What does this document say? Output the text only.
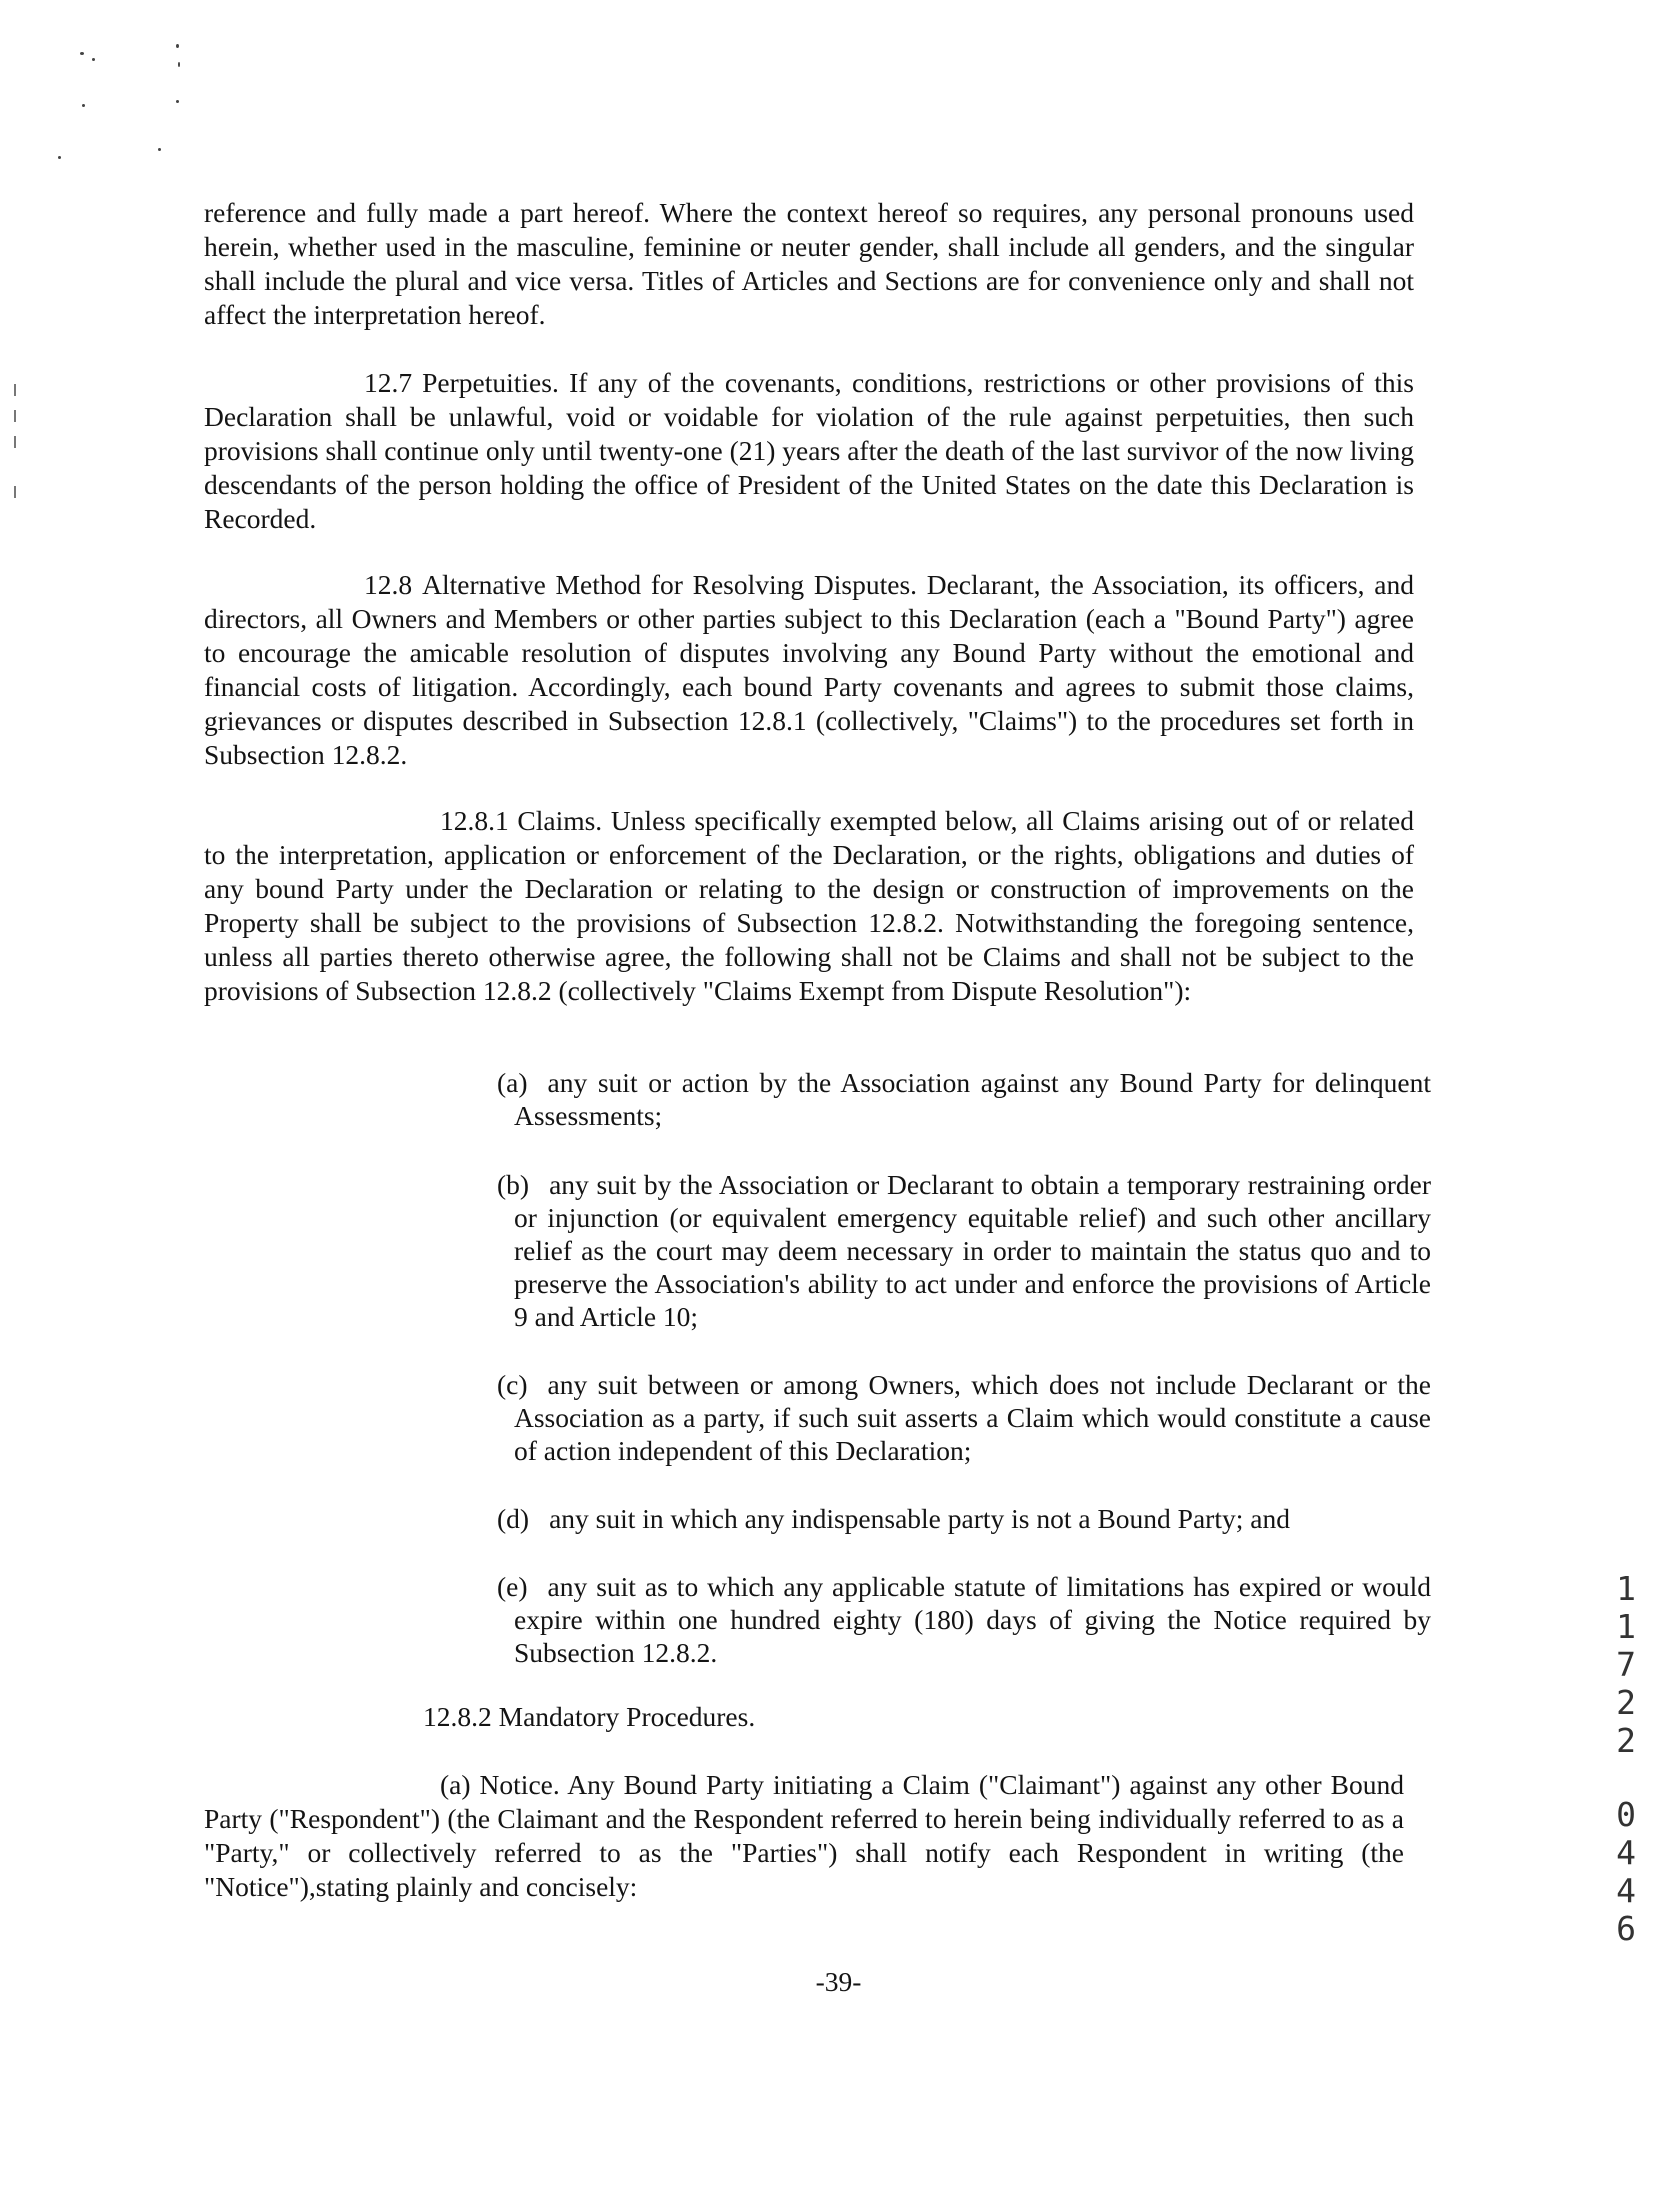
reference and fully made a part hereof. Where the context hereof so requires, any personal pronouns used herein, whether used in the masculine, feminine or neuter gender, shall include all genders, and the singular shall include the plural and vice versa. Titles of Articles and Sections are for convenience only and shall not affect the interpretation hereof.

12.7 Perpetuities. If any of the covenants, conditions, restrictions or other provisions of this Declaration shall be unlawful, void or voidable for violation of the rule against perpetuities, then such provisions shall continue only until twenty-one (21) years after the death of the last survivor of the now living descendants of the person holding the office of President of the United States on the date this Declaration is Recorded.

12.8 Alternative Method for Resolving Disputes. Declarant, the Association, its officers, and directors, all Owners and Members or other parties subject to this Declaration (each a "Bound Party") agree to encourage the amicable resolution of disputes involving any Bound Party without the emotional and financial costs of litigation. Accordingly, each bound Party covenants and agrees to submit those claims, grievances or disputes described in Subsection 12.8.1 (collectively, "Claims") to the procedures set forth in Subsection 12.8.2.

12.8.1 Claims. Unless specifically exempted below, all Claims arising out of or related to the interpretation, application or enforcement of the Declaration, or the rights, obligations and duties of any bound Party under the Declaration or relating to the design or construction of improvements on the Property shall be subject to the provisions of Subsection 12.8.2. Notwithstanding the foregoing sentence, unless all parties thereto otherwise agree, the following shall not be Claims and shall not be subject to the provisions of Subsection 12.8.2 (collectively "Claims Exempt from Dispute Resolution"):

(a) any suit or action by the Association against any Bound Party for delinquent Assessments;

(b) any suit by the Association or Declarant to obtain a temporary restraining order or injunction (or equivalent emergency equitable relief) and such other ancillary relief as the court may deem necessary in order to maintain the status quo and to preserve the Association's ability to act under and enforce the provisions of Article 9 and Article 10;

(c) any suit between or among Owners, which does not include Declarant or the Association as a party, if such suit asserts a Claim which would constitute a cause of action independent of this Declaration;

(d) any suit in which any indispensable party is not a Bound Party; and

(e) any suit as to which any applicable statute of limitations has expired or would expire within one hundred eighty (180) days of giving the Notice required by Subsection 12.8.2.

12.8.2 Mandatory Procedures.

(a) Notice. Any Bound Party initiating a Claim ("Claimant") against any other Bound Party ("Respondent") (the Claimant and the Respondent referred to herein being individually referred to as a "Party," or collectively referred to as the "Parties") shall notify each Respondent in writing (the "Notice"),stating plainly and concisely:

-39-

1
1
7
2
2
0
4
4
6
